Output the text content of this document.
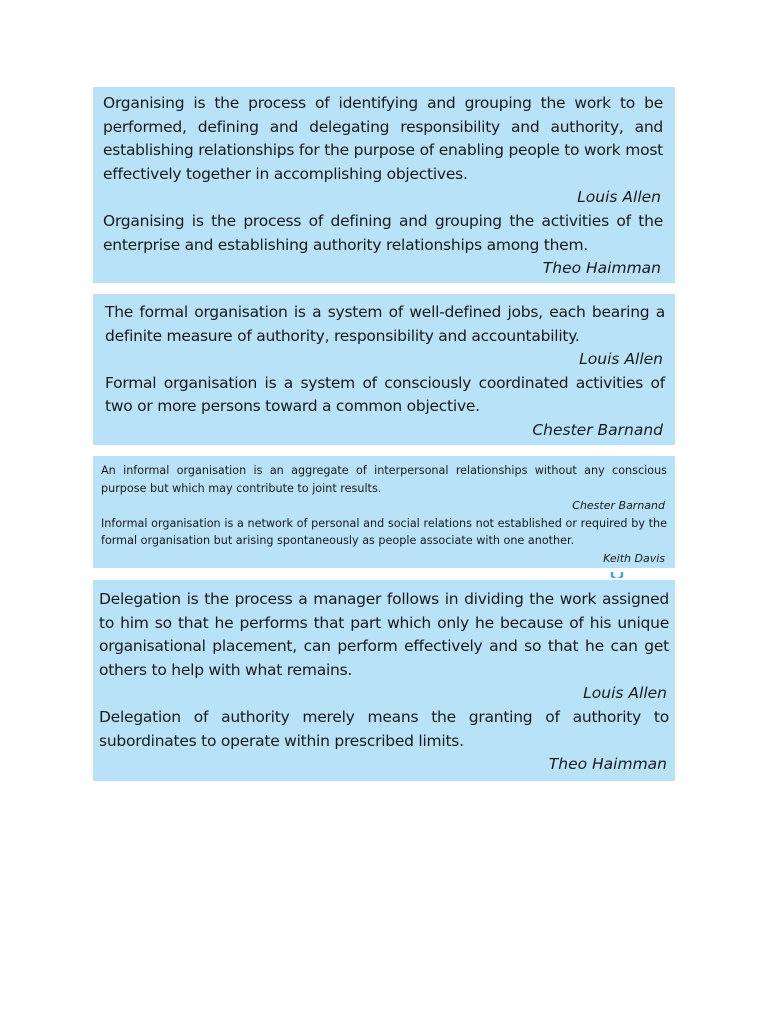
Organising is the process of identifying and grouping the work to be performed, defining and delegating responsibility and authority, and establishing relationships for the purpose of enabling people to work most effectively together in accomplishing objectives.

Louis Allen

Organising is the process of defining and grouping the activities of the enterprise and establishing authority relationships among them.

Theo Haimman

The formal organisation is a system of well-defined jobs, each bearing a definite measure of authority, responsibility and accountability.

Louis Allen

Formal organisation is a system of consciously coordinated activities of two or more persons toward a common objective.

Chester Barnand

An informal organisation is an aggregate of interpersonal relationships without any conscious purpose but which may contribute to joint results.

Chester Barnand

Informal organisation is a network of personal and social relations not established or required by the formal organisation but arising spontaneously as people associate with one another.

Keith Davis

Delegation is the process a manager follows in dividing the work assigned to him so that he performs that part which only he because of his unique organisational placement, can perform effectively and so that he can get others to help with what remains.

Louis Allen

Delegation of authority merely means the granting of authority to subordinates to operate within prescribed limits.

Theo Haimman
